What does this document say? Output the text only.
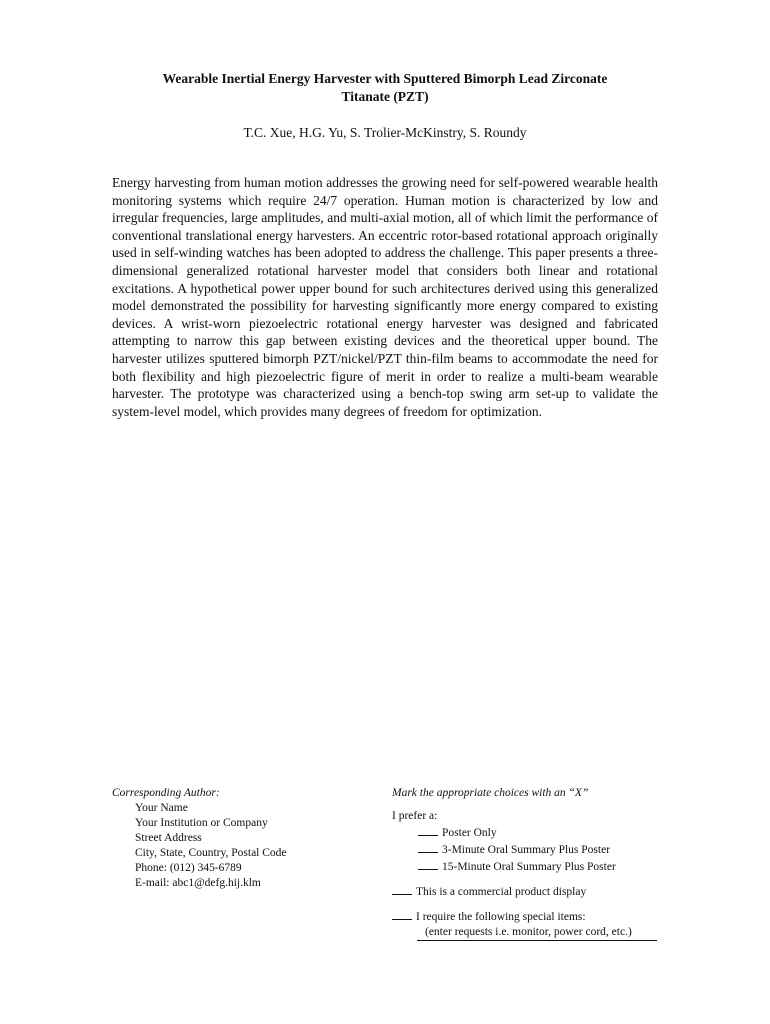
Wearable Inertial Energy Harvester with Sputtered Bimorph Lead Zirconate
Titanate (PZT)
T.C. Xue, H.G. Yu, S. Trolier-McKinstry, S. Roundy

Energy harvesting from human motion addresses the growing need for self-powered wearable health monitoring systems which require 24/7 operation. Human motion is characterized by low and irregular frequencies, large amplitudes, and multi-axial motion, all of which limit the performance of conventional translational energy harvesters. An eccentric rotor-based rotational approach originally used in self-winding watches has been adopted to address the challenge. This paper presents a three-dimensional generalized rotational harvester model that considers both linear and rotational excitations. A hypothetical power upper bound for such architectures derived using this generalized model demonstrated the possibility for harvesting significantly more energy compared to existing devices. A wrist-worn piezoelectric rotational energy harvester was designed and fabricated attempting to narrow this gap between existing devices and the theoretical upper bound. The harvester utilizes sputtered bimorph PZT/nickel/PZT thin-film beams to accommodate the need for both flexibility and high piezoelectric figure of merit in order to realize a multi-beam wearable harvester. The prototype was characterized using a bench-top swing arm set-up to validate the system-level model, which provides many degrees of freedom for optimization.

Corresponding Author:
Your Name
Your Institution or Company
Street Address
City, State, Country, Postal Code
Phone: (012) 345-6789
E-mail: abc1@defg.hij.klm
Mark the appropriate choices with an “X”
I prefer a:
Poster Only
3-Minute Oral Summary Plus Poster
15-Minute Oral Summary Plus Poster
This is a commercial product display
I require the following special items:
(enter requests i.e. monitor, power cord, etc.)
